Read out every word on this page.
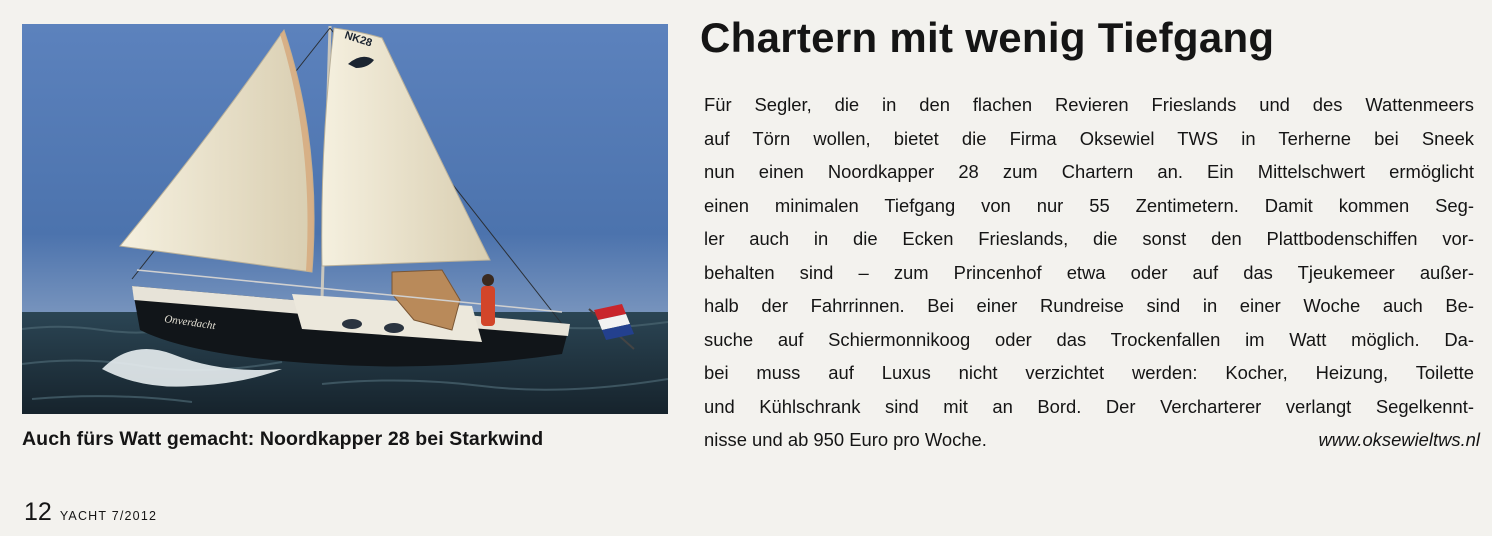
NK28
Onverdacht
Auch fürs Watt gemacht: Noordkapper 28 bei Starkwind
Chartern mit wenig Tiefgang
Für Segler, die in den flachen Revieren Frieslands und des Wattenmeers
auf Törn wollen, bietet die Firma Oksewiel TWS in Terherne bei Sneek
nun einen Noordkapper 28 zum Chartern an. Ein Mittelschwert ermöglicht
einen minimalen Tiefgang von nur 55 Zentimetern. Damit kommen Seg-
ler auch in die Ecken Frieslands, die sonst den Plattbodenschiffen vor-
behalten sind – zum Princenhof etwa oder auf das Tjeukemeer außer-
halb der Fahrrinnen. Bei einer Rundreise sind in einer Woche auch Be-
suche auf Schiermonnikoog oder das Trockenfallen im Watt möglich. Da-
bei muss auf Luxus nicht verzichtet werden: Kocher, Heizung, Toilette
und Kühlschrank sind mit an Bord. Der Vercharterer verlangt Segelkennt-
nisse und ab 950 Euro pro Woche.	www.oksewieltws.nl
12 YACHT 7/2012
